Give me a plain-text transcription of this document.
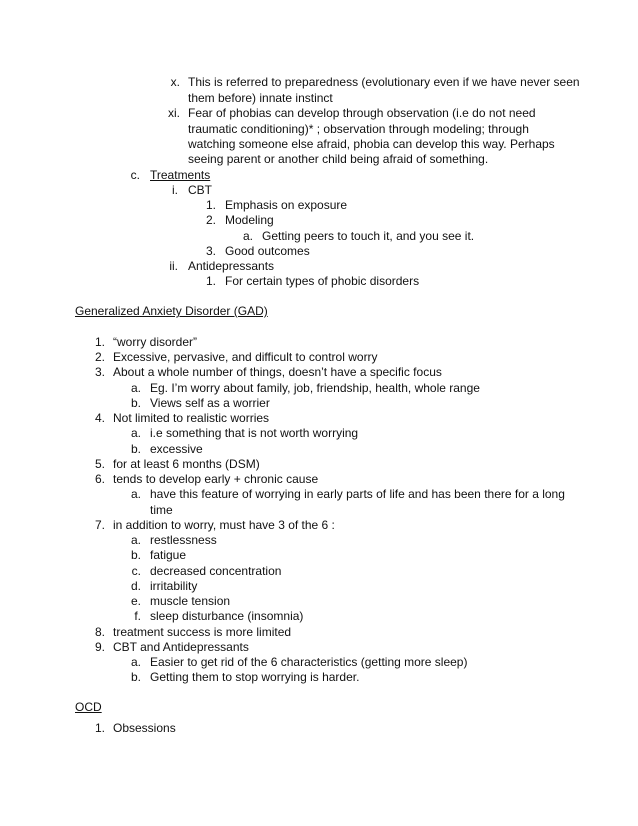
x. This is referred to preparedness (evolutionary even if we have never seen
them before) innate instinct
xi. Fear of phobias can develop through observation (i.e do not need
traumatic conditioning)* ; observation through modeling; through
watching someone else afraid, phobia can develop this way. Perhaps
seeing parent or another child being afraid of something.
c. Treatments
i. CBT
1. Emphasis on exposure
2. Modeling
a. Getting peers to touch it, and you see it.
3. Good outcomes
ii. Antidepressants
1. For certain types of phobic disorders
Generalized Anxiety Disorder (GAD)
1. “worry disorder”
2. Excessive, pervasive, and difficult to control worry
3. About a whole number of things, doesn’t have a specific focus
a. Eg. I’m worry about family, job, friendship, health, whole range
b. Views self as a worrier
4. Not limited to realistic worries
a. i.e something that is not worth worrying
b. excessive
5. for at least 6 months (DSM)
6. tends to develop early + chronic cause
a. have this feature of worrying in early parts of life and has been there for a long
time
7. in addition to worry, must have 3 of the 6 :
a. restlessness
b. fatigue
c. decreased concentration
d. irritability
e. muscle tension
f. sleep disturbance (insomnia)
8. treatment success is more limited
9. CBT and Antidepressants
a. Easier to get rid of the 6 characteristics (getting more sleep)
b. Getting them to stop worrying is harder.
OCD
1. Obsessions
